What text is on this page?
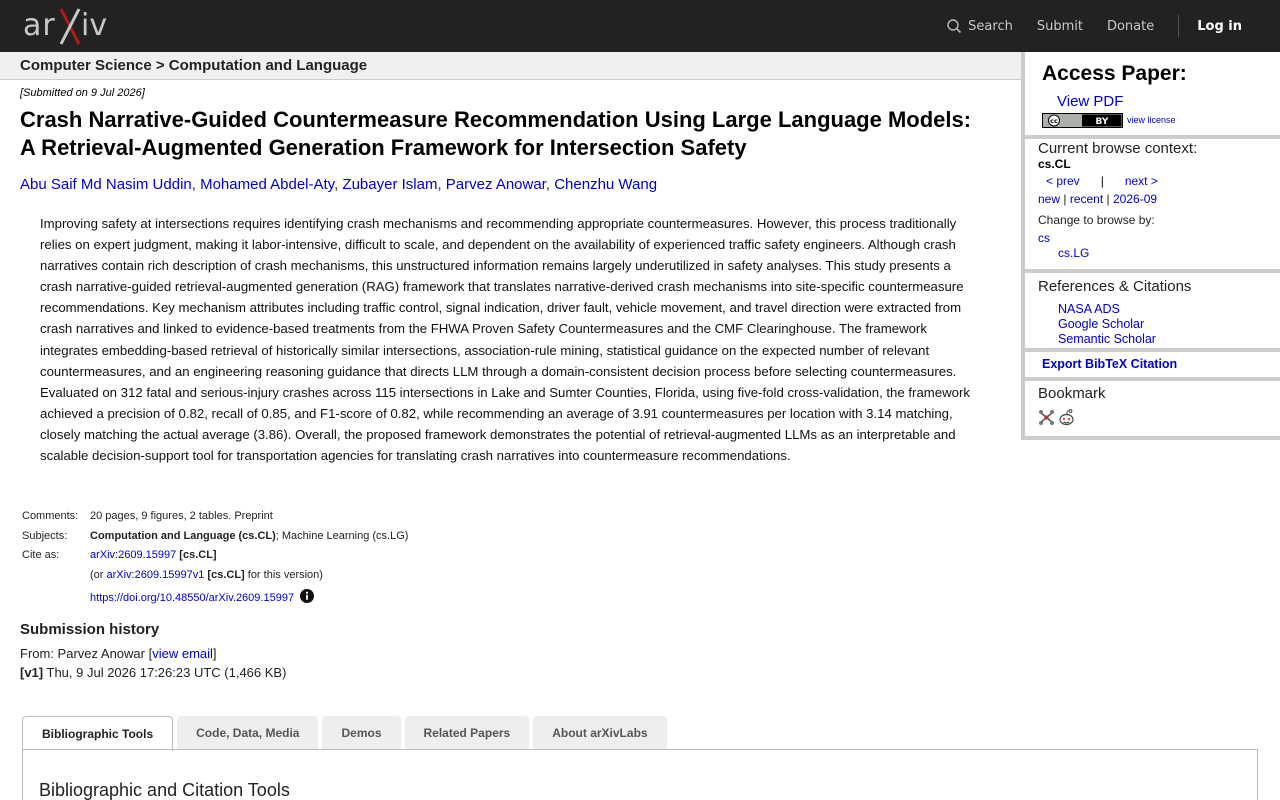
ar iv	Search Submit Donate	Log in
Computer Science > Computation and Language
[Submitted on 9 Jul 2026]
Crash Narrative-Guided Countermeasure Recommendation Using Large Language Models: A Retrieval-Augmented Generation Framework for Intersection Safety
Abu Saif Md Nasim Uddin, Mohamed Abdel-Aty, Zubayer Islam, Parvez Anowar, Chenzhu Wang
Improving safety at intersections requires identifying crash mechanisms and recommending appropriate countermeasures. However, this process traditionally relies on expert judgment, making it labor-intensive, difficult to scale, and dependent on the availability of experienced traffic safety engineers. Although crash narratives contain rich description of crash mechanisms, this unstructured information remains largely underutilized in safety analyses. This study presents a crash narrative-guided retrieval-augmented generation (RAG) framework that translates narrative-derived crash mechanisms into site-specific countermeasure recommendations. Key mechanism attributes including traffic control, signal indication, driver fault, vehicle movement, and travel direction were extracted from crash narratives and linked to evidence-based treatments from the FHWA Proven Safety Countermeasures and the CMF Clearinghouse. The framework integrates embedding-based retrieval of historically similar intersections, association-rule mining, statistical guidance on the expected number of relevant countermeasures, and an engineering reasoning guidance that directs LLM through a domain-consistent decision process before selecting countermeasures. Evaluated on 312 fatal and serious-injury crashes across 115 intersections in Lake and Sumter Counties, Florida, using five-fold cross-validation, the framework achieved a precision of 0.82, recall of 0.85, and F1-score of 0.82, while recommending an average of 3.91 countermeasures per location with 3.14 matching, closely matching the actual average (3.86). Overall, the proposed framework demonstrates the potential of retrieval-augmented LLMs as an interpretable and scalable decision-support tool for transportation agencies for translating crash narratives into countermeasure recommendations.
Comments:	20 pages, 9 figures, 2 tables. Preprint
Subjects:	Computation and Language (cs.CL); Machine Learning (cs.LG)
Cite as:	arXiv:2609.15997 [cs.CL]
(or arXiv:2609.15997v1 [cs.CL] for this version)
https://doi.org/10.48550/arXiv.2609.15997
Submission history
From: Parvez Anowar [view email]
[v1] Thu, 9 Jul 2026 17:26:23 UTC (1,466 KB)
Bibliographic Tools	Code, Data, Media	Demos	Related Papers	About arXivLabs
Bibliographic and Citation Tools
Access Paper:
View PDF
cc	BY view license
Current browse context:
cs.CL
< prev | next >
new | recent | 2026-09
Change to browse by:
cs
cs.LG
References & Citations
NASA ADS
Google Scholar
Semantic Scholar
Export BibTeX Citation
Bookmark
